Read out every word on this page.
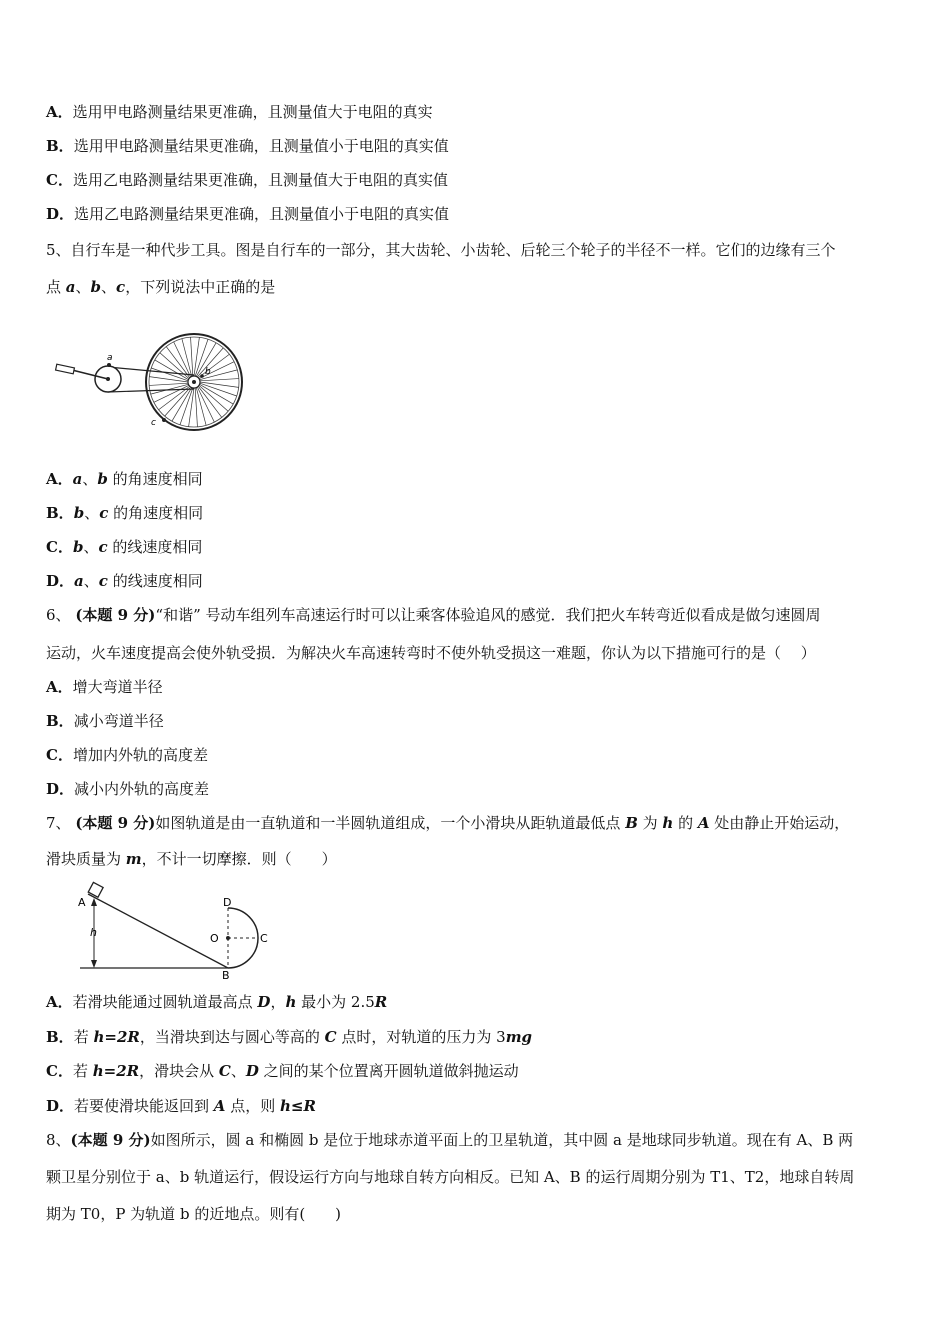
A．选用甲电路测量结果更准确，且测量值大于电阻的真实
B．选用甲电路测量结果更准确，且测量值小于电阻的真实值
C．选用乙电路测量结果更准确，且测量值大于电阻的真实值
D．选用乙电路测量结果更准确，且测量值小于电阻的真实值
5、自行车是一种代步工具。图是自行车的一部分，其大齿轮、小齿轮、后轮三个轮子的半径不一样。它们的边缘有三个
点 a、b、c，下列说法中正确的是
a
b
c
A．a、b 的角速度相同
B．b、c 的角速度相同
C．b、c 的线速度相同
D．a、c 的线速度相同
6、 (本题 9 分)“和谐” 号动车组列车高速运行时可以让乘客体验追风的感觉．我们把火车转弯近似看成是做匀速圆周
运动，火车速度提高会使外轨受损．为解决火车高速转弯时不使外轨受损这一难题，你认为以下措施可行的是（　 ）
A．增大弯道半径
B．减小弯道半径
C．增加内外轨的高度差
D．减小内外轨的高度差
7、 (本题 9 分)如图轨道是由一直轨道和一半圆轨道组成，一个小滑块从距轨道最低点 B 为 h 的 A 处由静止开始运动，
滑块质量为 m，不计一切摩擦．则（　　）
A
h
B
D
O	C
A．若滑块能通过圆轨道最高点 D，h 最小为 2.5R
B．若 h=2R，当滑块到达与圆心等高的 C 点时，对轨道的压力为 3mg
C．若 h=2R，滑块会从 C、D 之间的某个位置离开圆轨道做斜抛运动
D．若要使滑块能返回到 A 点，则 h≤R
8、(本题 9 分)如图所示，圆 a 和椭圆 b 是位于地球赤道平面上的卫星轨道，其中圆 a 是地球同步轨道。现在有 A、B 两
颗卫星分别位于 a、b 轨道运行，假设运行方向与地球自转方向相反。已知 A、B 的运行周期分别为 T1、T2，地球自转周
期为 T0，P 为轨道 b 的近地点。则有(　　)
